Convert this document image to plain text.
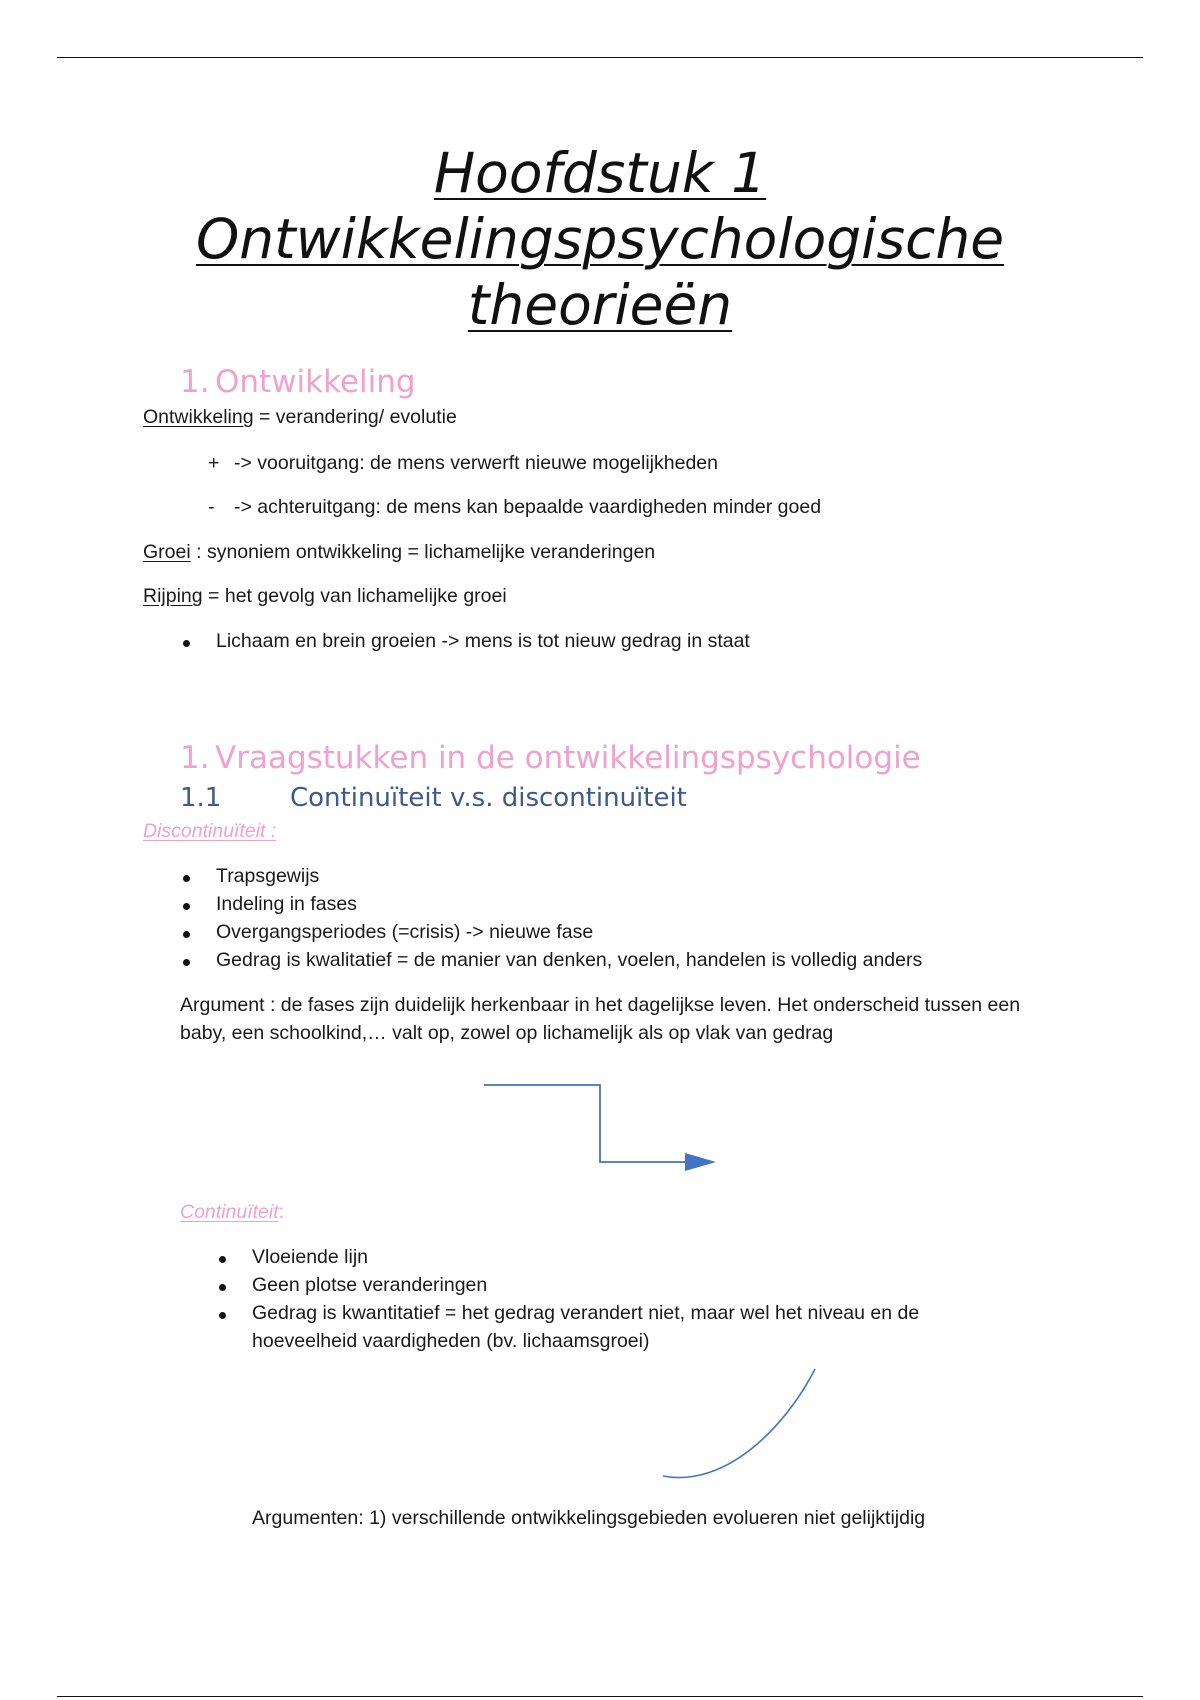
Hoofdstuk 1
Ontwikkelingspsychologische
theorieën
1. Ontwikkeling
Ontwikkeling = verandering/ evolutie
+ -> vooruitgang: de mens verwerft nieuwe mogelijkheden
- -> achteruitgang: de mens kan bepaalde vaardigheden minder goed
Groei : synoniem ontwikkeling = lichamelijke veranderingen
Rijping = het gevolg van lichamelijke groei
Lichaam en brein groeien -> mens is tot nieuw gedrag in staat
1. Vraagstukken in de ontwikkelingspsychologie
1.1	Continuïteit v.s. discontinuïteit
Discontinuïteit :
Trapsgewijs
Indeling in fases
Overgangsperiodes (=crisis) -> nieuwe fase
Gedrag is kwalitatief = de manier van denken, voelen, handelen is volledig anders
Argument : de fases zijn duidelijk herkenbaar in het dagelijkse leven. Het onderscheid tussen een
baby, een schoolkind,… valt op, zowel op lichamelijk als op vlak van gedrag
Continuïteit:
Vloeiende lijn
Geen plotse veranderingen
Gedrag is kwantitatief = het gedrag verandert niet, maar wel het niveau en de
hoeveelheid vaardigheden (bv. lichaamsgroei)
Argumenten: 1) verschillende ontwikkelingsgebieden evolueren niet gelijktijdig
